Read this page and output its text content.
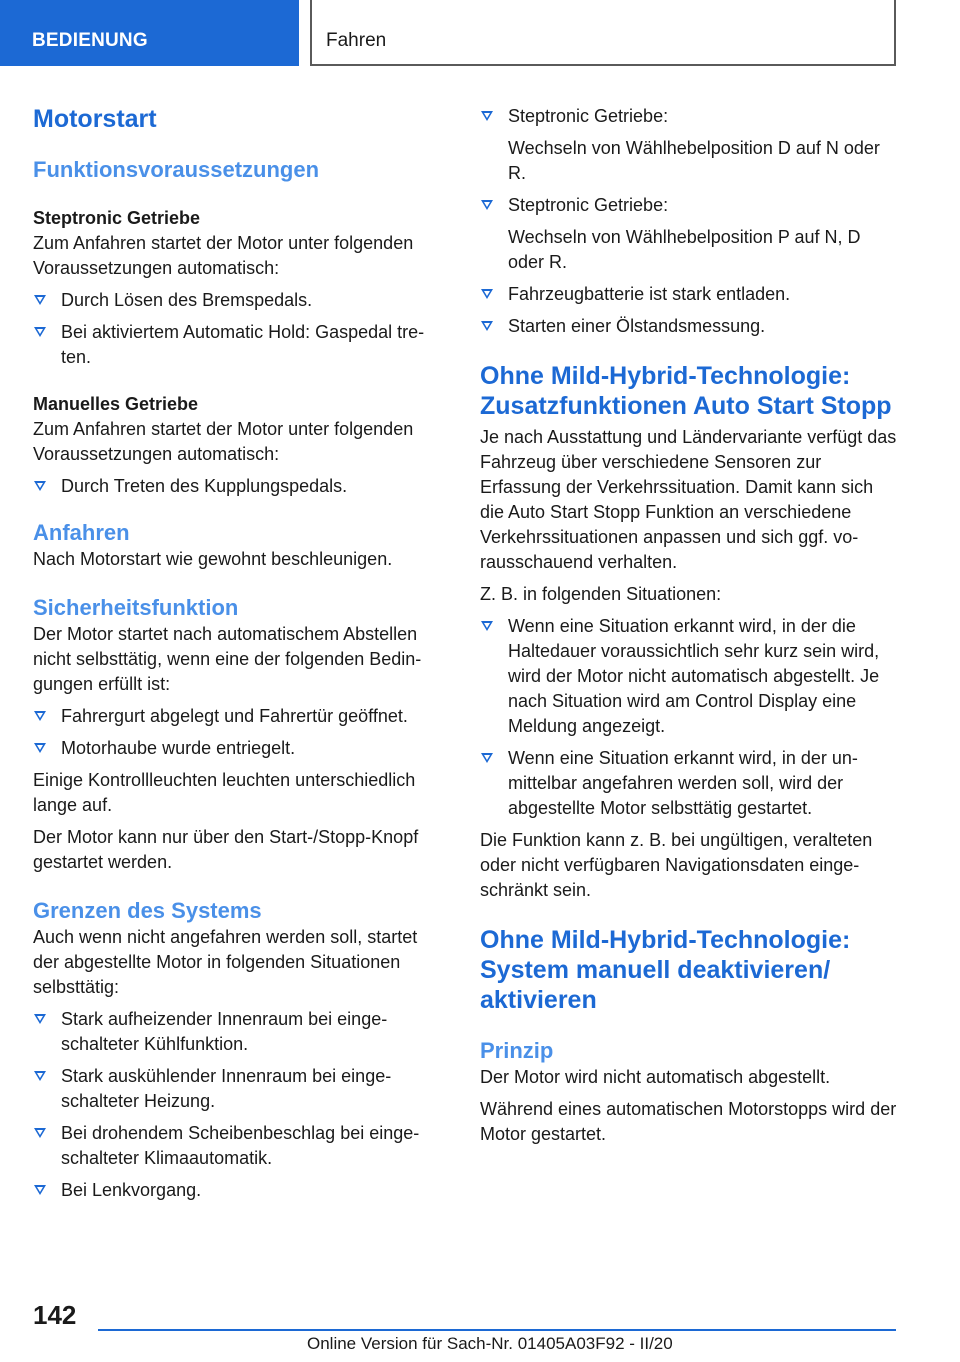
BEDIENUNG	Fahren
Motorstart
Funktionsvoraussetzungen
Steptronic Getriebe

Zum Anfahren startet der Motor unter folgenden Voraussetzungen automatisch:

Durch Lösen des Bremspedals.
Bei aktiviertem Automatic Hold: Gaspedal treten.
Manuelles Getriebe

Zum Anfahren startet der Motor unter folgenden Voraussetzungen automatisch:

Durch Treten des Kupplungspedals.
Anfahren

Nach Motorstart wie gewohnt beschleunigen.

Sicherheitsfunktion

Der Motor startet nach automatischem Abstellen nicht selbsttätig, wenn eine der folgenden Bedingungen erfüllt ist:

Fahrergurt abgelegt und Fahrertür geöffnet.
Motorhaube wurde entriegelt.

Einige Kontrollleuchten leuchten unterschiedlich lange auf.

Der Motor kann nur über den Start-/Stopp-Knopf gestartet werden.

Grenzen des Systems

Auch wenn nicht angefahren werden soll, startet der abgestellte Motor in folgenden Situationen selbsttätig:

Stark aufheizender Innenraum bei eingeschalteter Kühlfunktion.
Stark auskühlender Innenraum bei eingeschalteter Heizung.
Bei drohendem Scheibenbeschlag bei eingeschalteter Klimaautomatik.
Bei Lenkvorgang.
Steptronic Getriebe:
Wechseln von Wählhebelposition D auf N oder R.
Steptronic Getriebe:
Wechseln von Wählhebelposition P auf N, D oder R.
Fahrzeugbatterie ist stark entladen.
Starten einer Ölstandsmessung.
Ohne Mild-Hybrid-Technologie: Zusatzfunktionen Auto Start Stopp

Je nach Ausstattung und Ländervariante verfügt das Fahrzeug über verschiedene Sensoren zur Erfassung der Verkehrssituation. Damit kann sich die Auto Start Stopp Funktion an verschiedene Verkehrssituationen anpassen und sich ggf. vorausschauend verhalten.

Z. B. in folgenden Situationen:

Wenn eine Situation erkannt wird, in der die Haltedauer voraussichtlich sehr kurz sein wird, wird der Motor nicht automatisch abgestellt. Je nach Situation wird am Control Display eine Meldung angezeigt.
Wenn eine Situation erkannt wird, in der unmittelbar angefahren werden soll, wird der abgestellte Motor selbsttätig gestartet.

Die Funktion kann z. B. bei ungültigen, veralteten oder nicht verfügbaren Navigationsdaten eingeschränkt sein.

Ohne Mild-Hybrid-Technologie: System manuell deaktivieren/ aktivieren
Prinzip

Der Motor wird nicht automatisch abgestellt.

Während eines automatischen Motorstopps wird der Motor gestartet.

142
Online Version für Sach-Nr. 01405A03F92 - II/20
